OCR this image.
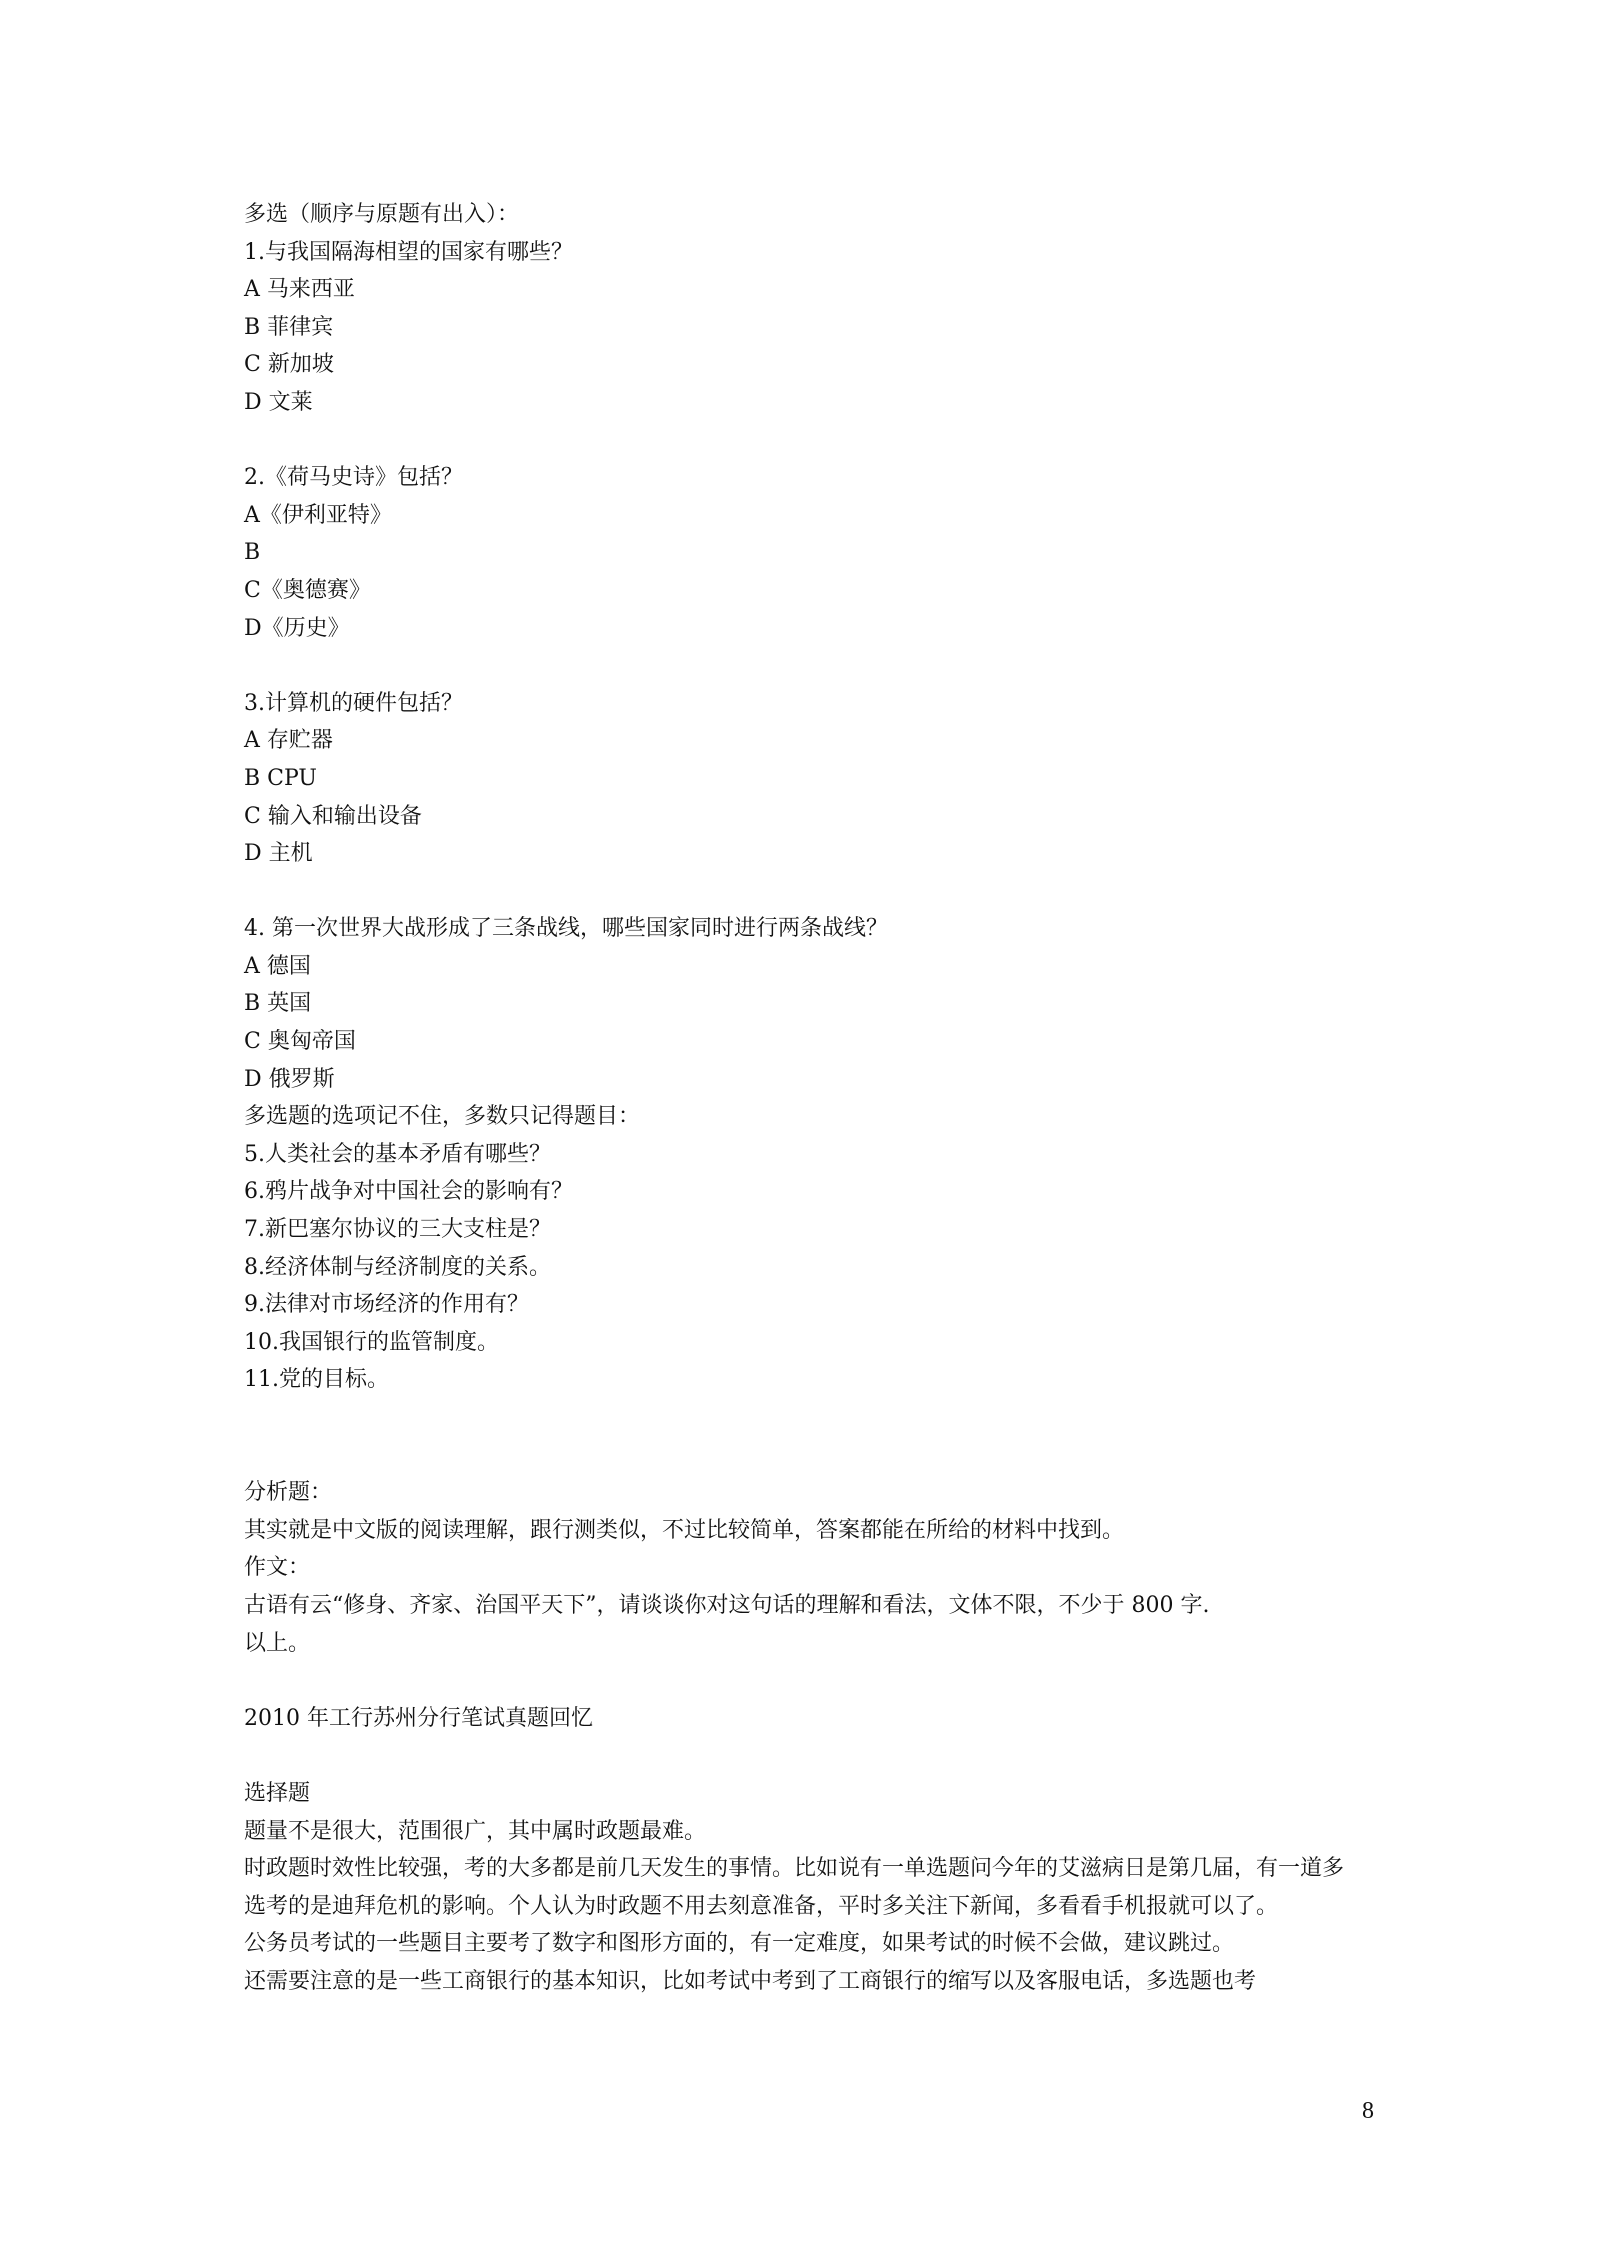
多选（顺序与原题有出入）：
1.与我国隔海相望的国家有哪些？
A 马来西亚
B 菲律宾
C 新加坡
D 文莱
2.《荷马史诗》包括？
A《伊利亚特》
B
C《奥德赛》
D《历史》
3.计算机的硬件包括？
A 存贮器
B CPU
C 输入和输出设备
D 主机
4. 第一次世界大战形成了三条战线，哪些国家同时进行两条战线？
A 德国
B 英国
C 奥匈帝国
D 俄罗斯
多选题的选项记不住，多数只记得题目：
5.人类社会的基本矛盾有哪些？
6.鸦片战争对中国社会的影响有？
7.新巴塞尔协议的三大支柱是？
8.经济体制与经济制度的关系。
9.法律对市场经济的作用有？
10.我国银行的监管制度。
11.党的目标。
分析题：
其实就是中文版的阅读理解，跟行测类似，不过比较简单，答案都能在所给的材料中找到。
作文：
古语有云“修身、齐家、治国平天下”，请谈谈你对这句话的理解和看法，文体不限，不少于 800 字.
以上。
2010 年工行苏州分行笔试真题回忆
选择题
题量不是很大，范围很广，其中属时政题最难。
时政题时效性比较强，考的大多都是前几天发生的事情。比如说有一单选题问今年的艾滋病日是第几届，有一道多选考的是迪拜危机的影响。个人认为时政题不用去刻意准备，平时多关注下新闻，多看看手机报就可以了。
公务员考试的一些题目主要考了数字和图形方面的，有一定难度，如果考试的时候不会做，建议跳过。
还需要注意的是一些工商银行的基本知识，比如考试中考到了工商银行的缩写以及客服电话，多选题也考
8
